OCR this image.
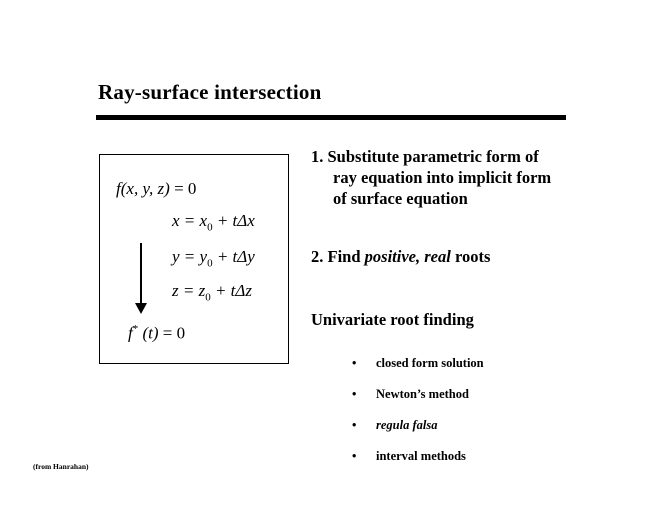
Ray-surface intersection
f(x, y, z) = 0
$x = x_0 + t\Delta x$
$y = y_0 + t\Delta y$
$z = z_0 + t\Delta z$
f* (t) = 0
1. Substitute parametric form of
ray equation into implicit form
of surface equation
2. Find positive, real roots
Univariate root finding
• closed form solution
• Newton’s method
• regula falsa
• interval methods
(from Hanrahan)
